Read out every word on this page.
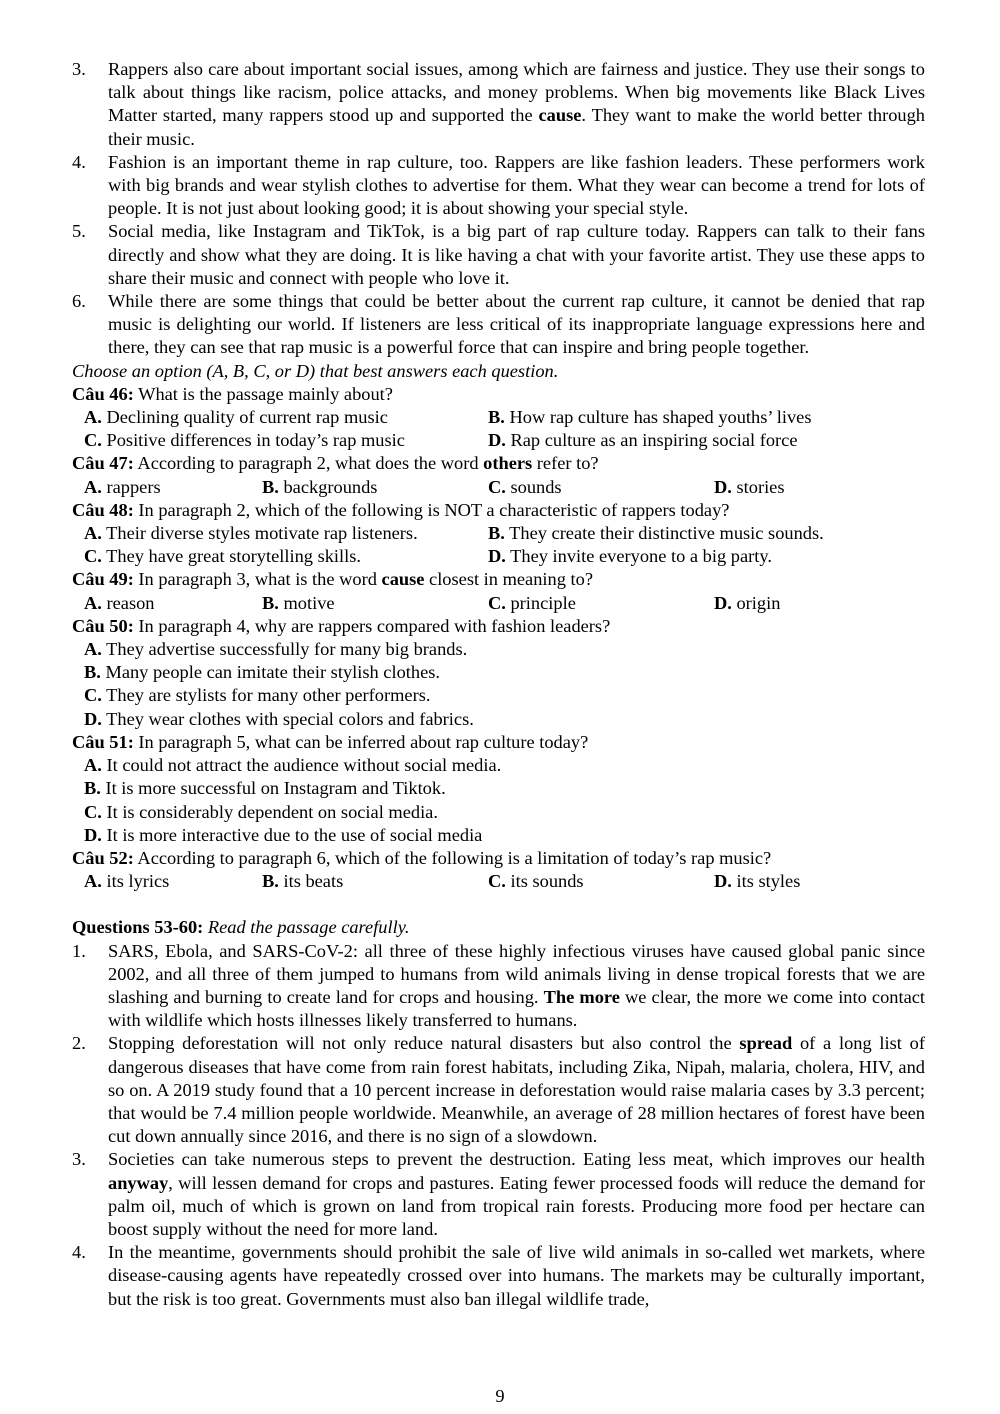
3.	Rappers also care about important social issues, among which are fairness and justice. They use their songs to talk about things like racism, police attacks, and money problems. When big movements like Black Lives Matter started, many rappers stood up and supported the cause. They want to make the world better through their music.
4.	Fashion is an important theme in rap culture, too. Rappers are like fashion leaders. These performers work with big brands and wear stylish clothes to advertise for them. What they wear can become a trend for lots of people. It is not just about looking good; it is about showing your special style.
5.	Social media, like Instagram and TikTok, is a big part of rap culture today. Rappers can talk to their fans directly and show what they are doing. It is like having a chat with your favorite artist. They use these apps to share their music and connect with people who love it.
6.	While there are some things that could be better about the current rap culture, it cannot be denied that rap music is delighting our world. If listeners are less critical of its inappropriate language expressions here and there, they can see that rap music is a powerful force that can inspire and bring people together.
Choose an option (A, B, C, or D) that best answers each question.
Câu 46: What is the passage mainly about?
A. Declining quality of current rap music	B. How rap culture has shaped youths’ lives
C. Positive differences in today’s rap music	D. Rap culture as an inspiring social force
Câu 47: According to paragraph 2, what does the word others refer to?
A. rappers	B. backgrounds	C. sounds	D. stories
Câu 48: In paragraph 2, which of the following is NOT a characteristic of rappers today?
A. Their diverse styles motivate rap listeners.	B. They create their distinctive music sounds.
C. They have great storytelling skills.	D. They invite everyone to a big party.
Câu 49: In paragraph 3, what is the word cause closest in meaning to?
A. reason	B. motive	C. principle	D. origin
Câu 50: In paragraph 4, why are rappers compared with fashion leaders?
A. They advertise successfully for many big brands.
B. Many people can imitate their stylish clothes.
C. They are stylists for many other performers.
D. They wear clothes with special colors and fabrics.
Câu 51: In paragraph 5, what can be inferred about rap culture today?
A. It could not attract the audience without social media.
B. It is more successful on Instagram and Tiktok.
C. It is considerably dependent on social media.
D. It is more interactive due to the use of social media
Câu 52: According to paragraph 6, which of the following is a limitation of today’s rap music?
A. its lyrics	B. its beats	C. its sounds	D. its styles
Questions 53-60: Read the passage carefully.
1.	SARS, Ebola, and SARS-CoV-2: all three of these highly infectious viruses have caused global panic since 2002, and all three of them jumped to humans from wild animals living in dense tropical forests that we are slashing and burning to create land for crops and housing. The more we clear, the more we come into contact with wildlife which hosts illnesses likely transferred to humans.
2.	Stopping deforestation will not only reduce natural disasters but also control the spread of a long list of dangerous diseases that have come from rain forest habitats, including Zika, Nipah, malaria, cholera, HIV, and so on. A 2019 study found that a 10 percent increase in deforestation would raise malaria cases by 3.3 percent; that would be 7.4 million people worldwide. Meanwhile, an average of 28 million hectares of forest have been cut down annually since 2016, and there is no sign of a slowdown.
3.	Societies can take numerous steps to prevent the destruction. Eating less meat, which improves our health anyway, will lessen demand for crops and pastures. Eating fewer processed foods will reduce the demand for palm oil, much of which is grown on land from tropical rain forests. Producing more food per hectare can boost supply without the need for more land.
4.	In the meantime, governments should prohibit the sale of live wild animals in so-called wet markets, where disease-causing agents have repeatedly crossed over into humans. The markets may be culturally important, but the risk is too great. Governments must also ban illegal wildlife trade,
9
